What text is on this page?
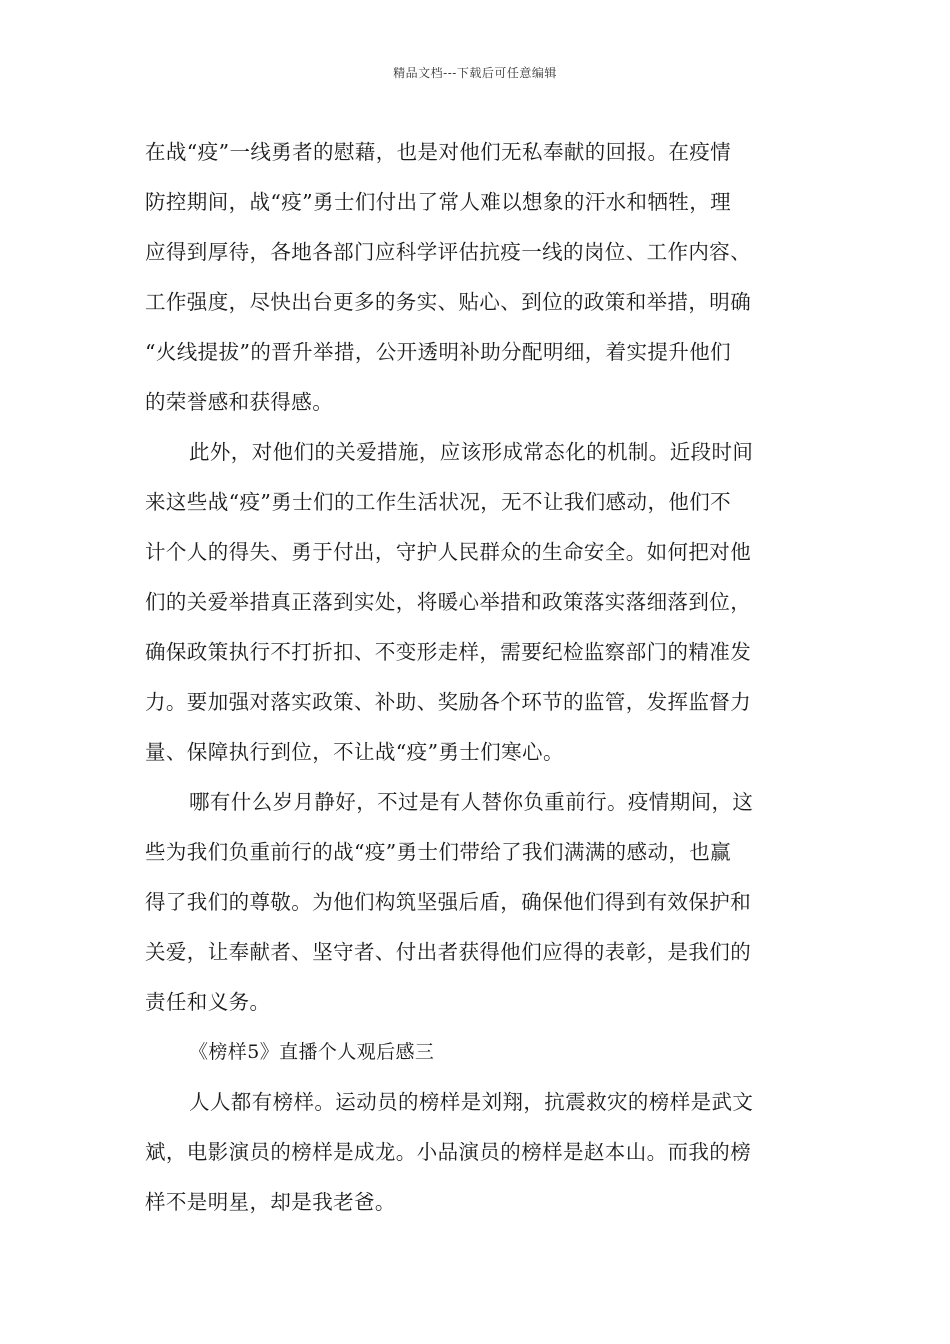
精品文档---下载后可任意编辑
在战“疫”一线勇者的慰藉，也是对他们无私奉献的回报。在疫情
防控期间，战“疫”勇士们付出了常人难以想象的汗水和牺牲，理
应得到厚待，各地各部门应科学评估抗疫一线的岗位、工作内容、
工作强度，尽快出台更多的务实、贴心、到位的政策和举措，明确
“火线提拔”的晋升举措，公开透明补助分配明细，着实提升他们
的荣誉感和获得感。
此外，对他们的关爱措施，应该形成常态化的机制。近段时间
来这些战“疫”勇士们的工作生活状况，无不让我们感动，他们不
计个人的得失、勇于付出，守护人民群众的生命安全。如何把对他
们的关爱举措真正落到实处，将暖心举措和政策落实落细落到位，
确保政策执行不打折扣、不变形走样，需要纪检监察部门的精准发
力。要加强对落实政策、补助、奖励各个环节的监管，发挥监督力
量、保障执行到位，不让战“疫”勇士们寒心。
哪有什么岁月静好，不过是有人替你负重前行。疫情期间，这
些为我们负重前行的战“疫”勇士们带给了我们满满的感动，也赢
得了我们的尊敬。为他们构筑坚强后盾，确保他们得到有效保护和
关爱，让奉献者、坚守者、付出者获得他们应得的表彰，是我们的
责任和义务。
《榜样5》直播个人观后感三
人人都有榜样。运动员的榜样是刘翔，抗震救灾的榜样是武文
斌，电影演员的榜样是成龙。小品演员的榜样是赵本山。而我的榜
样不是明星，却是我老爸。
